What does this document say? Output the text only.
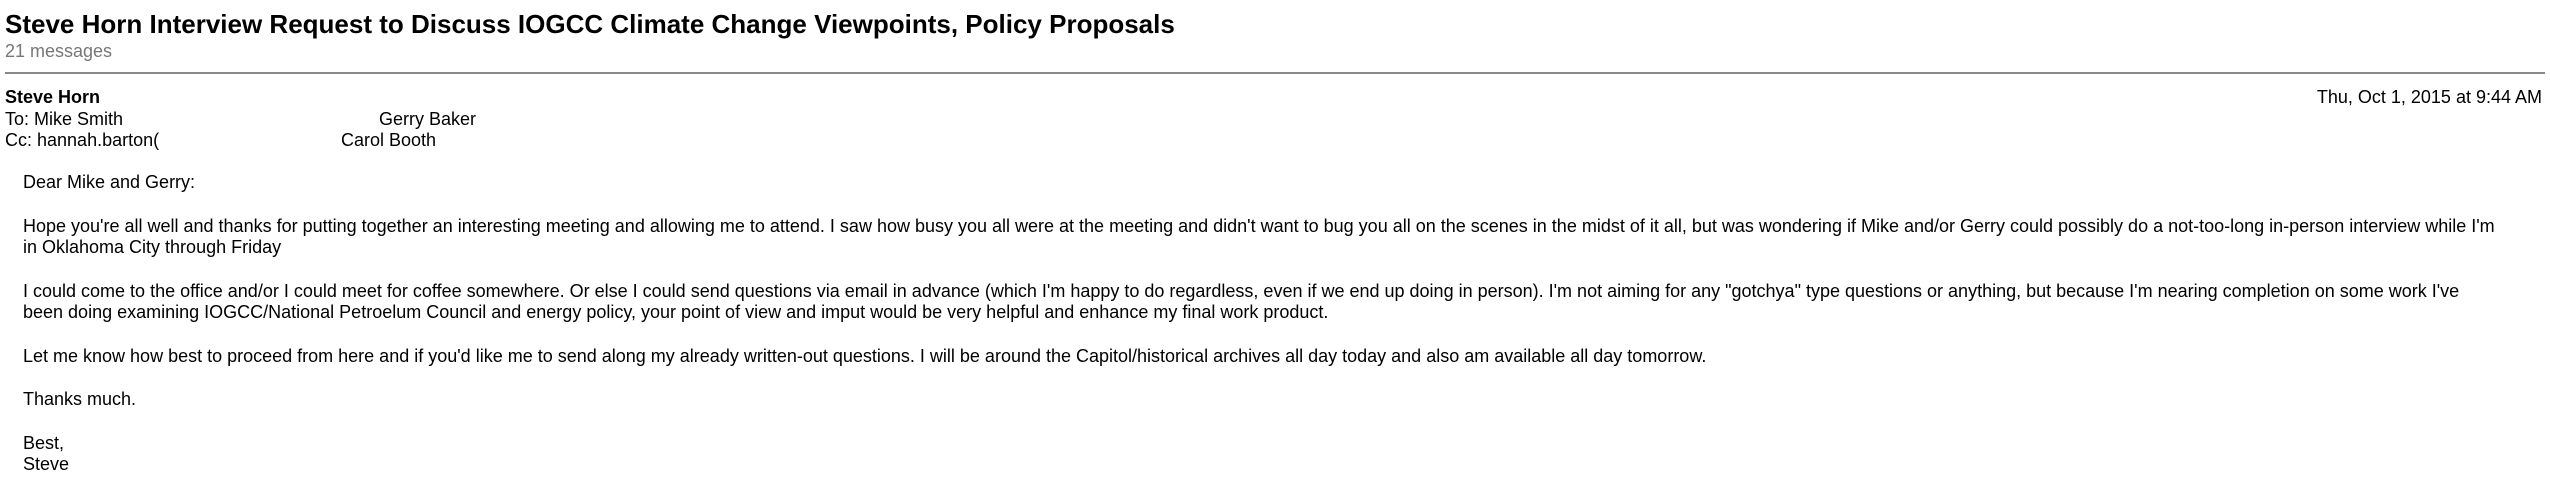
Steve Horn Interview Request to Discuss IOGCC Climate Change Viewpoints, Policy Proposals
21 messages
Steve Horn	Thu, Oct 1, 2015 at 9:44 AM
To: Mike Smith	Gerry Baker
Cc: hannah.barton(	Carol Booth

Dear Mike and Gerry:

Hope you're all well and thanks for putting together an interesting meeting and allowing me to attend. I saw how busy you all were at the meeting and didn't want to bug you all on the scenes in the midst of it all, but was wondering if Mike and/or Gerry could possibly do a not-too-long in-person interview while I'm in Oklahoma City through Friday

I could come to the office and/or I could meet for coffee somewhere. Or else I could send questions via email in advance (which I'm happy to do regardless, even if we end up doing in person). I'm not aiming for any "gotchya" type questions or anything, but because I'm nearing completion on some work I've been doing examining IOGCC/National Petroelum Council and energy policy, your point of view and imput would be very helpful and enhance my final work product.

Let me know how best to proceed from here and if you'd like me to send along my already written-out questions. I will be around the Capitol/historical archives all day today and also am available all day tomorrow.

Thanks much.

Best,
Steve
